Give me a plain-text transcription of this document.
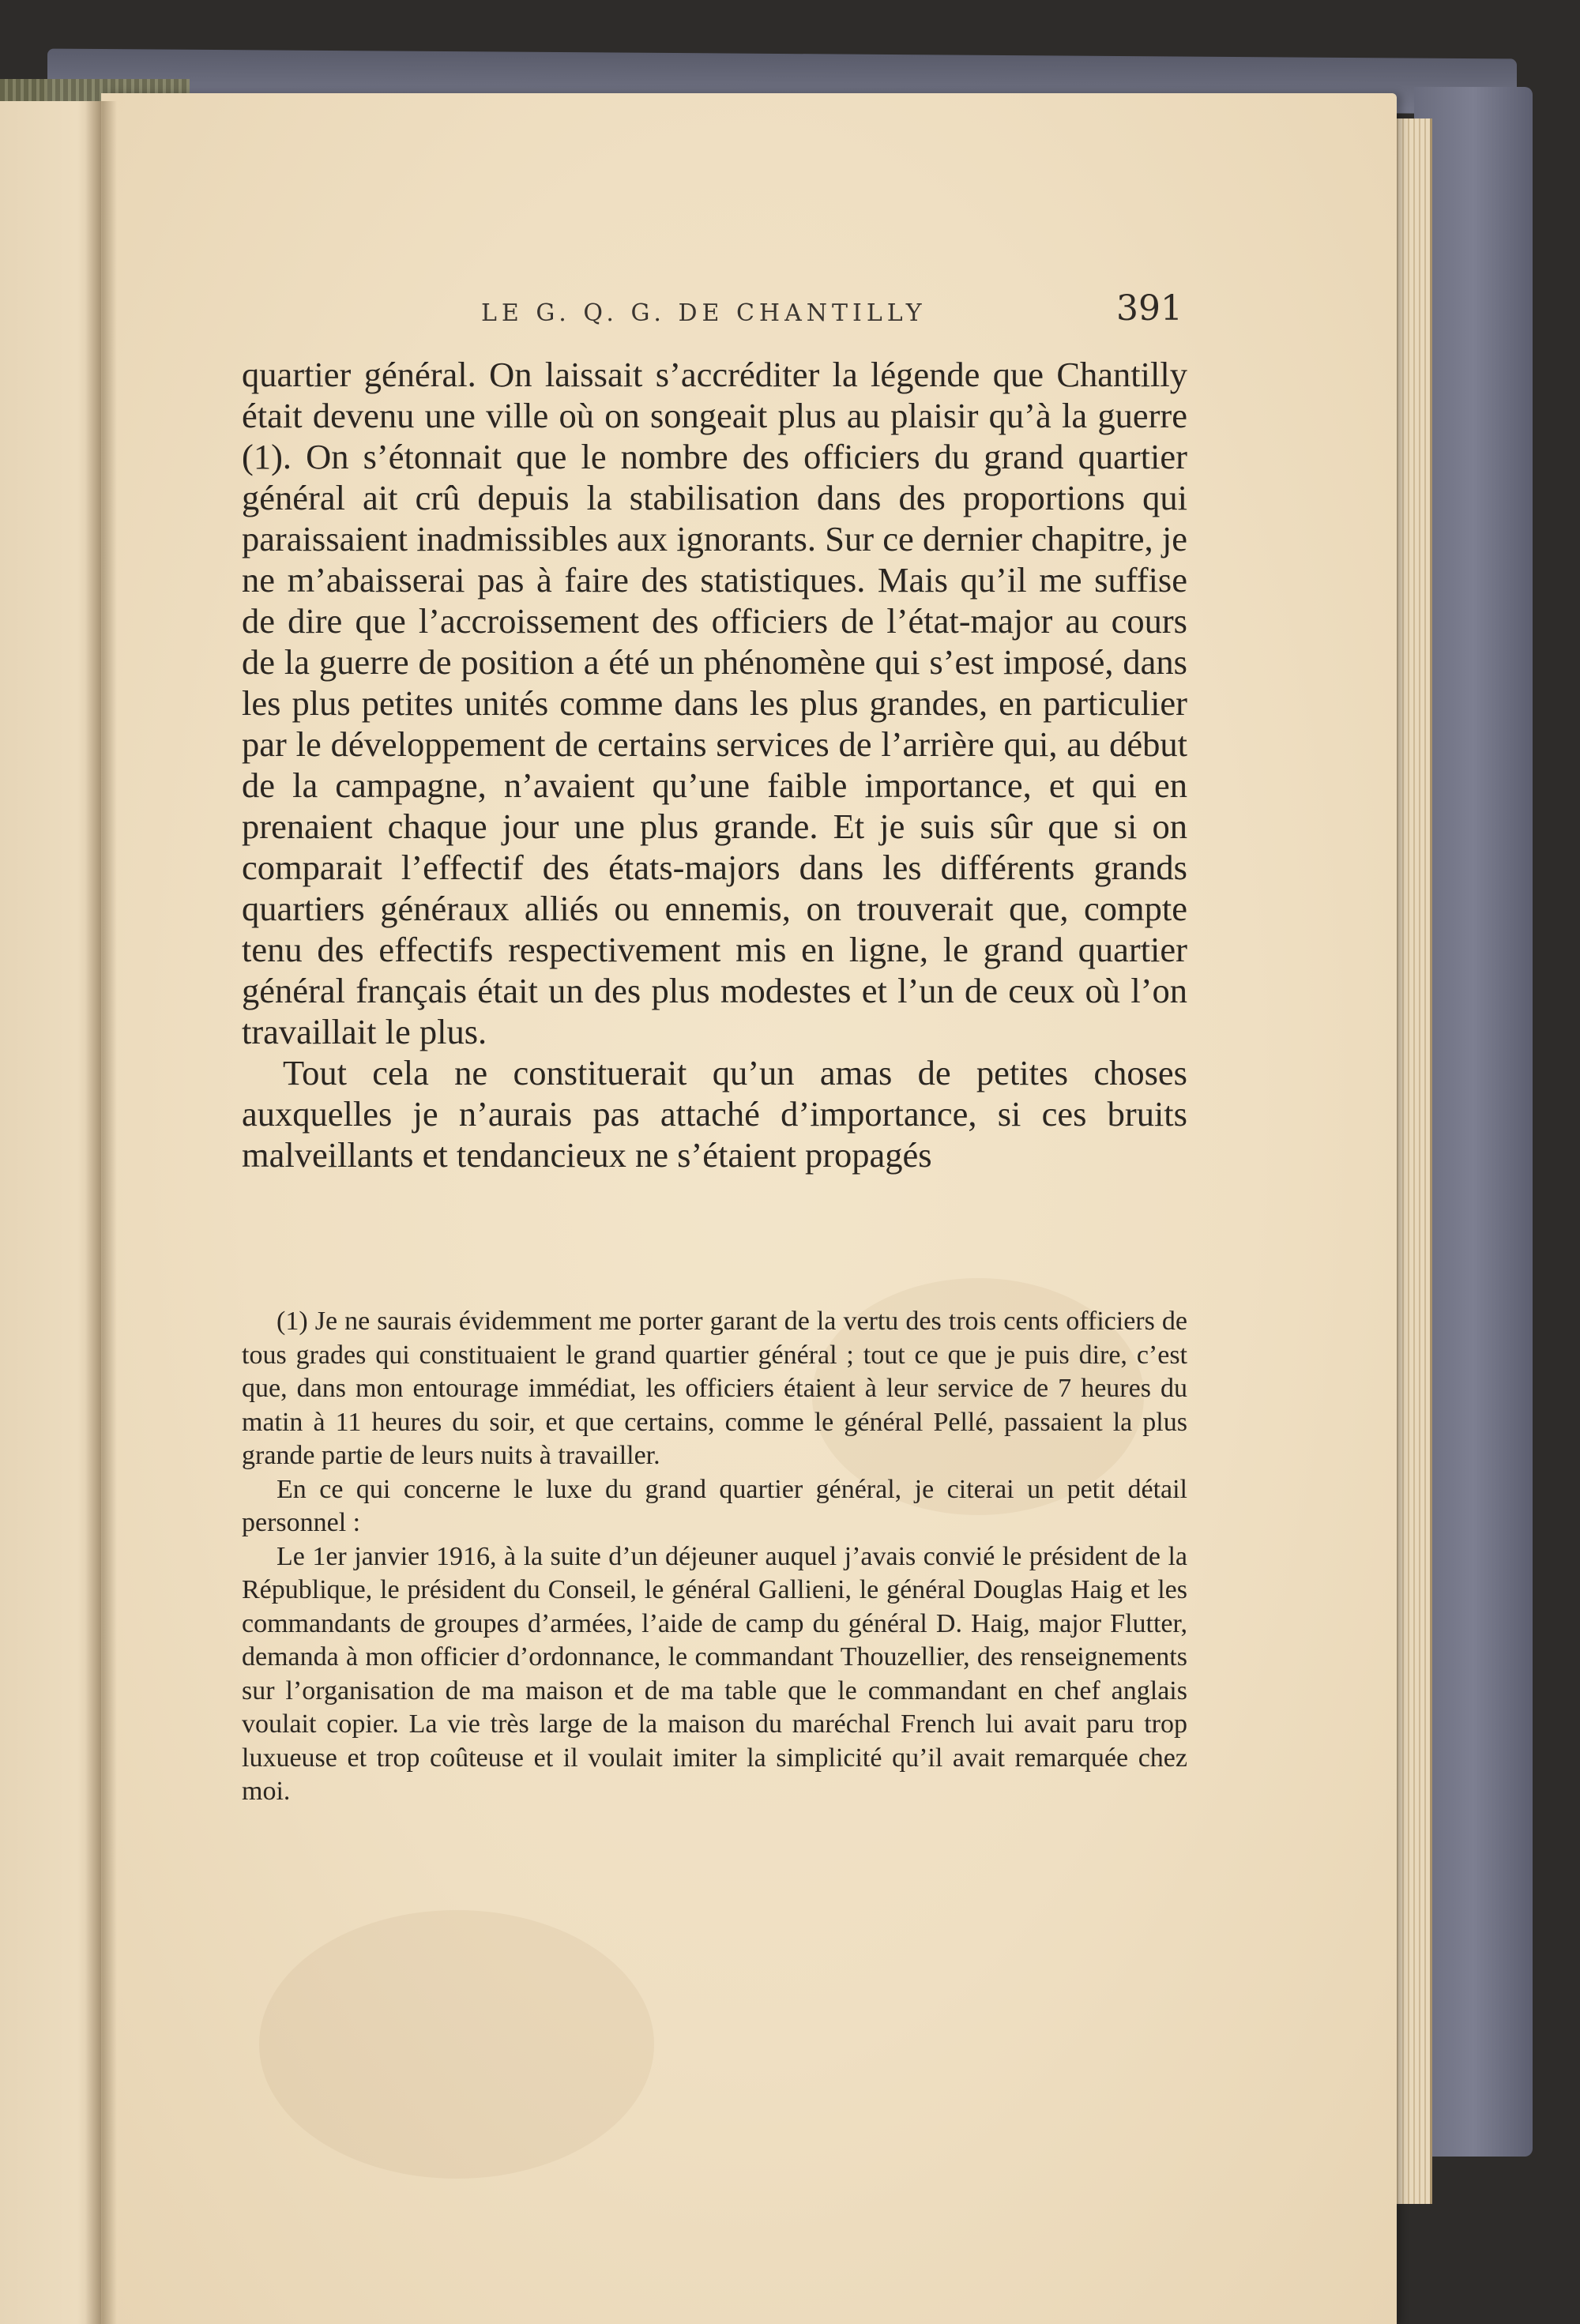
LE G. Q. G. DE CHANTILLY	391

quartier général. On laissait s’accréditer la légende que Chantilly était devenu une ville où on songeait plus au plaisir qu’à la guerre (1). On s’étonnait que le nombre des officiers du grand quartier général ait crû depuis la stabilisation dans des proportions qui paraissaient inadmissibles aux ignorants. Sur ce dernier chapitre, je ne m’abaisserai pas à faire des statistiques. Mais qu’il me suffise de dire que l’accroissement des officiers de l’état-major au cours de la guerre de position a été un phénomène qui s’est imposé, dans les plus petites unités comme dans les plus grandes, en particulier par le développement de certains services de l’arrière qui, au début de la campagne, n’avaient qu’une faible importance, et qui en prenaient chaque jour une plus grande. Et je suis sûr que si on comparait l’effectif des états-majors dans les différents grands quartiers généraux alliés ou ennemis, on trouverait que, compte tenu des effectifs respectivement mis en ligne, le grand quartier général français était un des plus modestes et l’un de ceux où l’on travaillait le plus.

Tout cela ne constituerait qu’un amas de petites choses auxquelles je n’aurais pas attaché d’importance, si ces bruits malveillants et tendancieux ne s’étaient propagés

(1) Je ne saurais évidemment me porter garant de la vertu des trois cents officiers de tous grades qui constituaient le grand quartier général ; tout ce que je puis dire, c’est que, dans mon entourage immédiat, les officiers étaient à leur service de 7 heures du matin à 11 heures du soir, et que certains, comme le général Pellé, passaient la plus grande partie de leurs nuits à travailler.

En ce qui concerne le luxe du grand quartier général, je citerai un petit détail personnel :

Le 1er janvier 1916, à la suite d’un déjeuner auquel j’avais convié le président de la République, le président du Conseil, le général Gallieni, le général Douglas Haig et les commandants de groupes d’armées, l’aide de camp du général D. Haig, major Flutter, demanda à mon officier d’ordonnance, le commandant Thouzellier, des renseignements sur l’organisation de ma maison et de ma table que le commandant en chef anglais voulait copier. La vie très large de la maison du maréchal French lui avait paru trop luxueuse et trop coûteuse et il voulait imiter la simplicité qu’il avait remarquée chez moi.
